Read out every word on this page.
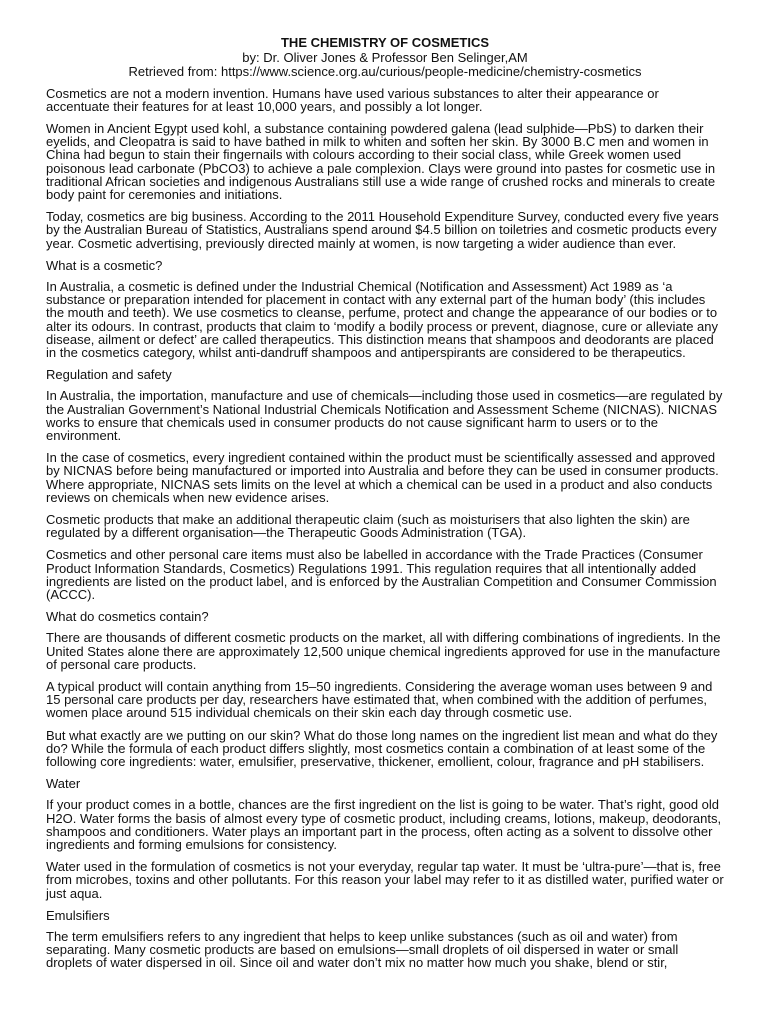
THE CHEMISTRY OF COSMETICS
by: Dr. Oliver Jones & Professor Ben Selinger,AM
Retrieved from: https://www.science.org.au/curious/people-medicine/chemistry-cosmetics

Cosmetics are not a modern invention. Humans have used various substances to alter their appearance or accentuate their features for at least 10,000 years, and possibly a lot longer.

Women in Ancient Egypt used kohl, a substance containing powdered galena (lead sulphide—PbS) to darken their eyelids, and Cleopatra is said to have bathed in milk to whiten and soften her skin. By 3000 B.C men and women in China had begun to stain their fingernails with colours according to their social class, while Greek women used poisonous lead carbonate (PbCO3) to achieve a pale complexion. Clays were ground into pastes for cosmetic use in traditional African societies and indigenous Australians still use a wide range of crushed rocks and minerals to create body paint for ceremonies and initiations.

Today, cosmetics are big business. According to the 2011 Household Expenditure Survey, conducted every five years by the Australian Bureau of Statistics, Australians spend around $4.5 billion on toiletries and cosmetic products every year. Cosmetic advertising, previously directed mainly at women, is now targeting a wider audience than ever.

What is a cosmetic?

In Australia, a cosmetic is defined under the Industrial Chemical (Notification and Assessment) Act 1989 as ‘a substance or preparation intended for placement in contact with any external part of the human body’ (this includes the mouth and teeth). We use cosmetics to cleanse, perfume, protect and change the appearance of our bodies or to alter its odours. In contrast, products that claim to ‘modify a bodily process or prevent, diagnose, cure or alleviate any disease, ailment or defect’ are called therapeutics. This distinction means that shampoos and deodorants are placed in the cosmetics category, whilst anti-dandruff shampoos and antiperspirants are considered to be therapeutics.

Regulation and safety

In Australia, the importation, manufacture and use of chemicals—including those used in cosmetics—are regulated by the Australian Government’s National Industrial Chemicals Notification and Assessment Scheme (NICNAS). NICNAS works to ensure that chemicals used in consumer products do not cause significant harm to users or to the environment.

In the case of cosmetics, every ingredient contained within the product must be scientifically assessed and approved by NICNAS before being manufactured or imported into Australia and before they can be used in consumer products. Where appropriate, NICNAS sets limits on the level at which a chemical can be used in a product and also conducts reviews on chemicals when new evidence arises.

Cosmetic products that make an additional therapeutic claim (such as moisturisers that also lighten the skin) are regulated by a different organisation—the Therapeutic Goods Administration (TGA).

Cosmetics and other personal care items must also be labelled in accordance with the Trade Practices (Consumer Product Information Standards, Cosmetics) Regulations 1991. This regulation requires that all intentionally added ingredients are listed on the product label, and is enforced by the Australian Competition and Consumer Commission (ACCC).

What do cosmetics contain?

There are thousands of different cosmetic products on the market, all with differing combinations of ingredients. In the United States alone there are approximately 12,500 unique chemical ingredients approved for use in the manufacture of personal care products.

A typical product will contain anything from 15–50 ingredients. Considering the average woman uses between 9 and 15 personal care products per day, researchers have estimated that, when combined with the addition of perfumes, women place around 515 individual chemicals on their skin each day through cosmetic use.

But what exactly are we putting on our skin? What do those long names on the ingredient list mean and what do they do? While the formula of each product differs slightly, most cosmetics contain a combination of at least some of the following core ingredients: water, emulsifier, preservative, thickener, emollient, colour, fragrance and pH stabilisers.

Water

If your product comes in a bottle, chances are the first ingredient on the list is going to be water. That’s right, good old H2O. Water forms the basis of almost every type of cosmetic product, including creams, lotions, makeup, deodorants, shampoos and conditioners. Water plays an important part in the process, often acting as a solvent to dissolve other ingredients and forming emulsions for consistency.

Water used in the formulation of cosmetics is not your everyday, regular tap water. It must be ‘ultra-pure’—that is, free from microbes, toxins and other pollutants. For this reason your label may refer to it as distilled water, purified water or just aqua.

Emulsifiers

The term emulsifiers refers to any ingredient that helps to keep unlike substances (such as oil and water) from separating. Many cosmetic products are based on emulsions—small droplets of oil dispersed in water or small droplets of water dispersed in oil. Since oil and water don’t mix no matter how much you shake, blend or stir,
